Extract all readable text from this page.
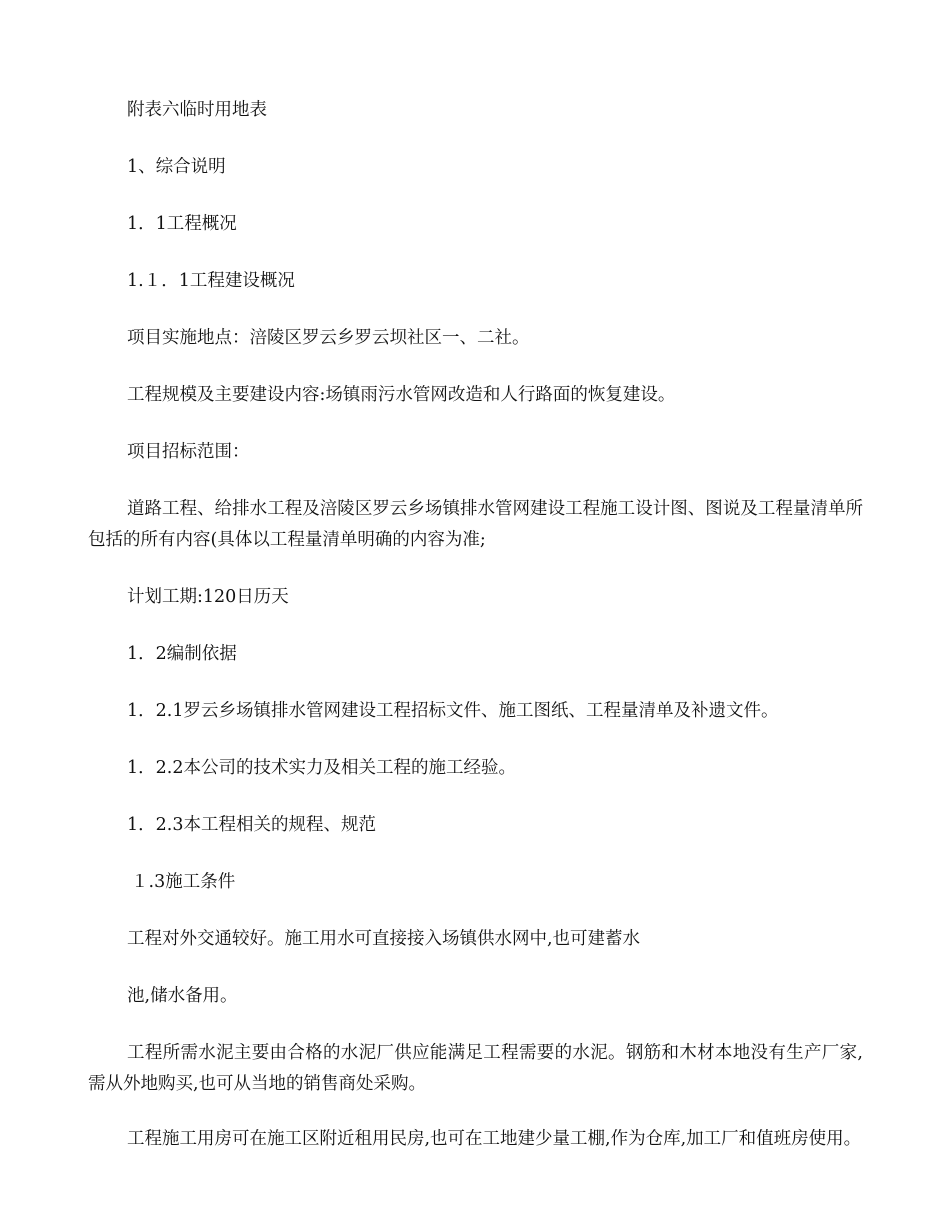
附表六临时用地表

1、综合说明

1．1工程概况

1.１．1工程建设概况

项目实施地点：涪陵区罗云乡罗云坝社区一、二社。

工程规模及主要建设内容:场镇雨污水管网改造和人行路面的恢复建设。

项目招标范围：

道路工程、给排水工程及涪陵区罗云乡场镇排水管网建设工程施工设计图、图说及工程量清单所包括的所有内容(具体以工程量清单明确的内容为准;

计划工期:120日历天

1．2编制依据

1．2.1罗云乡场镇排水管网建设工程招标文件、施工图纸、工程量清单及补遗文件。

1．2.2本公司的技术实力及相关工程的施工经验。

1．2.3本工程相关的规程、规范

１.3施工条件

工程对外交通较好。施工用水可直接接入场镇供水网中,也可建蓄水

池,储水备用。

工程所需水泥主要由合格的水泥厂供应能满足工程需要的水泥。钢筋和木材本地没有生产厂家,需从外地购买,也可从当地的销售商处采购。

工程施工用房可在施工区附近租用民房,也可在工地建少量工棚,作为仓库,加工厂和值班房使用。
